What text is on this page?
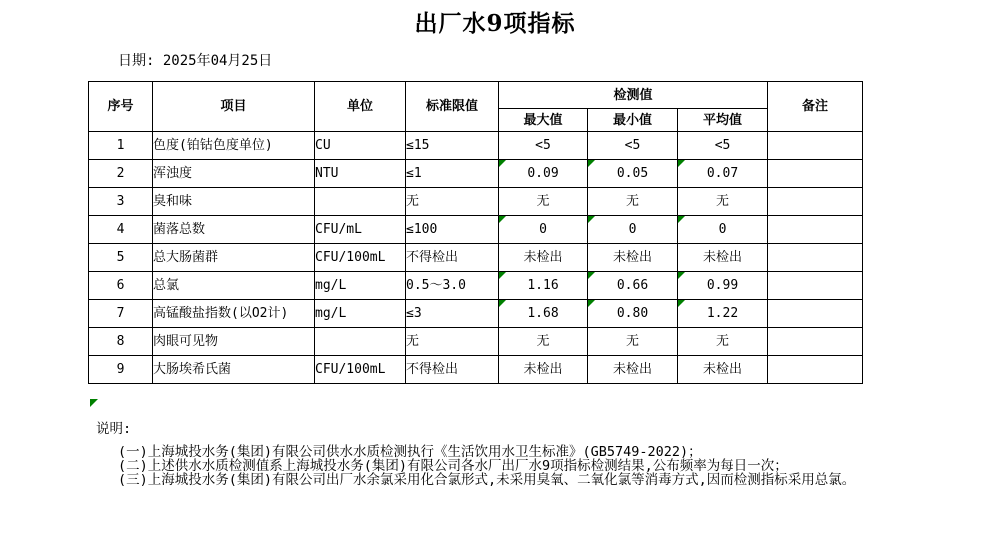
出厂水9项指标
日期: 2025年04月25日
序号	项目	单位	标准限值	检测值			备注
				最大值	最小值	平均值	
1	色度(铂钴色度单位)	CU	≤15	<5	<5	<5	
2	浑浊度	NTU	≤1	0.09	0.05	0.07	
3	臭和味		无	无	无	无	
4	菌落总数	CFU/mL	≤100	0	0	0	
5	总大肠菌群	CFU/100mL	不得检出	未检出	未检出	未检出	
6	总氯	mg/L	0.5～3.0	1.16	0.66	0.99	
7	高锰酸盐指数(以O2计)	mg/L	≤3	1.68	0.80	1.22	
8	肉眼可见物		无	无	无	无	
9	大肠埃希氏菌	CFU/100mL	不得检出	未检出	未检出	未检出	
说明:
(一)上海城投水务(集团)有限公司供水水质检测执行《生活饮用水卫生标准》(GB5749-2022)；
(二)上述供水水质检测值系上海城投水务(集团)有限公司各水厂出厂水9项指标检测结果,公布频率为每日一次；
(三)上海城投水务(集团)有限公司出厂水余氯采用化合氯形式,未采用臭氧、二氧化氯等消毒方式,因而检测指标采用总氯。
